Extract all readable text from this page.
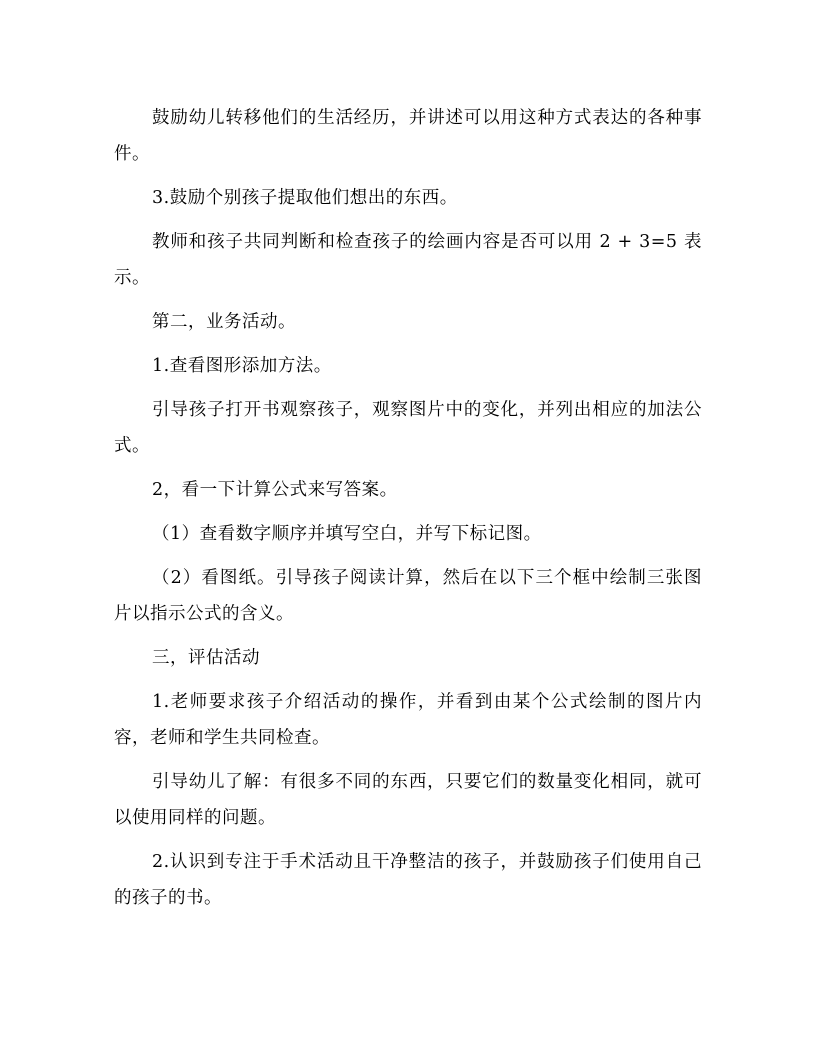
鼓励幼儿转移他们的生活经历，并讲述可以用这种方式表达的各种事件。

3.鼓励个别孩子提取他们想出的东西。

教师和孩子共同判断和检查孩子的绘画内容是否可以用 2 + 3=5 表示。

第二，业务活动。

1.查看图形添加方法。

引导孩子打开书观察孩子，观察图片中的变化，并列出相应的加法公式。

2，看一下计算公式来写答案。

（1）查看数字顺序并填写空白，并写下标记图。

（2）看图纸。引导孩子阅读计算，然后在以下三个框中绘制三张图片以指示公式的含义。

三，评估活动

1.老师要求孩子介绍活动的操作，并看到由某个公式绘制的图片内容，老师和学生共同检查。

引导幼儿了解：有很多不同的东西，只要它们的数量变化相同，就可以使用同样的问题。

2.认识到专注于手术活动且干净整洁的孩子，并鼓励孩子们使用自己的孩子的书。
